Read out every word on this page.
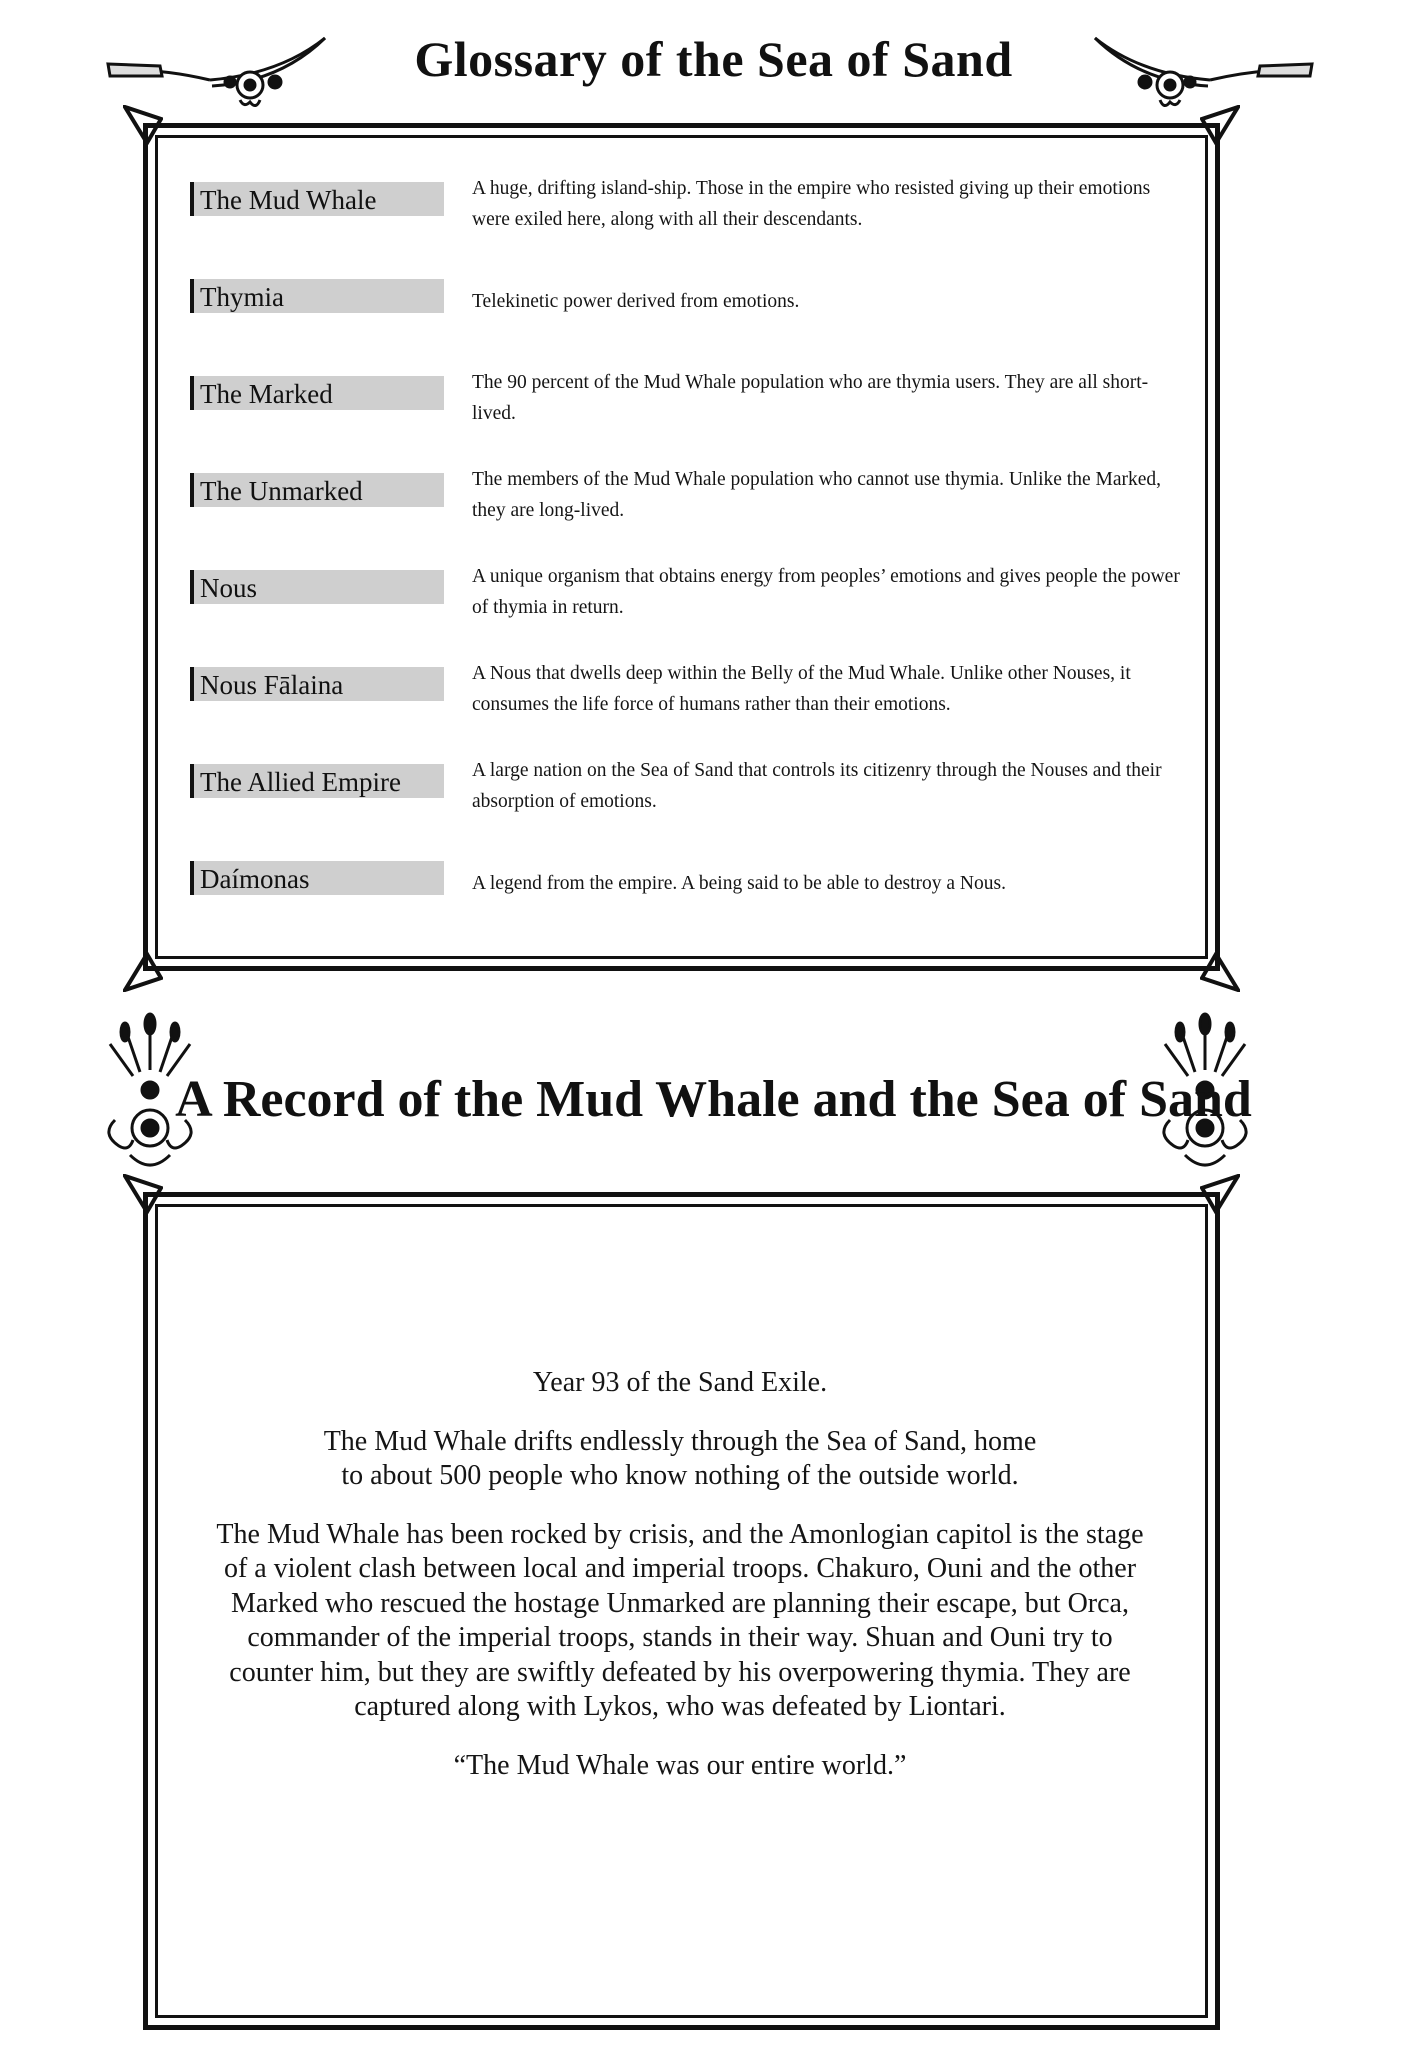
Glossary of the Sea of Sand
The Mud Whale	A huge, drifting island-ship. Those in the empire who resisted giving up their emotions were exiled here, along with all their descendants.
Thymia	Telekinetic power derived from emotions.
The Marked	The 90 percent of the Mud Whale population who are thymia users. They are all short-lived.
The Unmarked	The members of the Mud Whale population who cannot use thymia. Unlike the Marked, they are long-lived.
Nous	A unique organism that obtains energy from peoples’ emotions and gives people the power of thymia in return.
Nous Fālaina	A Nous that dwells deep within the Belly of the Mud Whale. Unlike other Nouses, it consumes the life force of humans rather than their emotions.
The Allied Empire	A large nation on the Sea of Sand that controls its citizenry through the Nouses and their absorption of emotions.
Daímonas	A legend from the empire. A being said to be able to destroy a Nous.
A Record of the Mud Whale and the Sea of Sand

Year 93 of the Sand Exile.

The Mud Whale drifts endlessly through the Sea of Sand, home to about 500 people who know nothing of the outside world.

The Mud Whale has been rocked by crisis, and the Amonlogian capitol is the stage of a violent clash between local and imperial troops. Chakuro, Ouni and the other Marked who rescued the hostage Unmarked are planning their escape, but Orca, commander of the imperial troops, stands in their way. Shuan and Ouni try to counter him, but they are swiftly defeated by his overpowering thymia. They are captured along with Lykos, who was defeated by Liontari.

“The Mud Whale was our entire world.”
